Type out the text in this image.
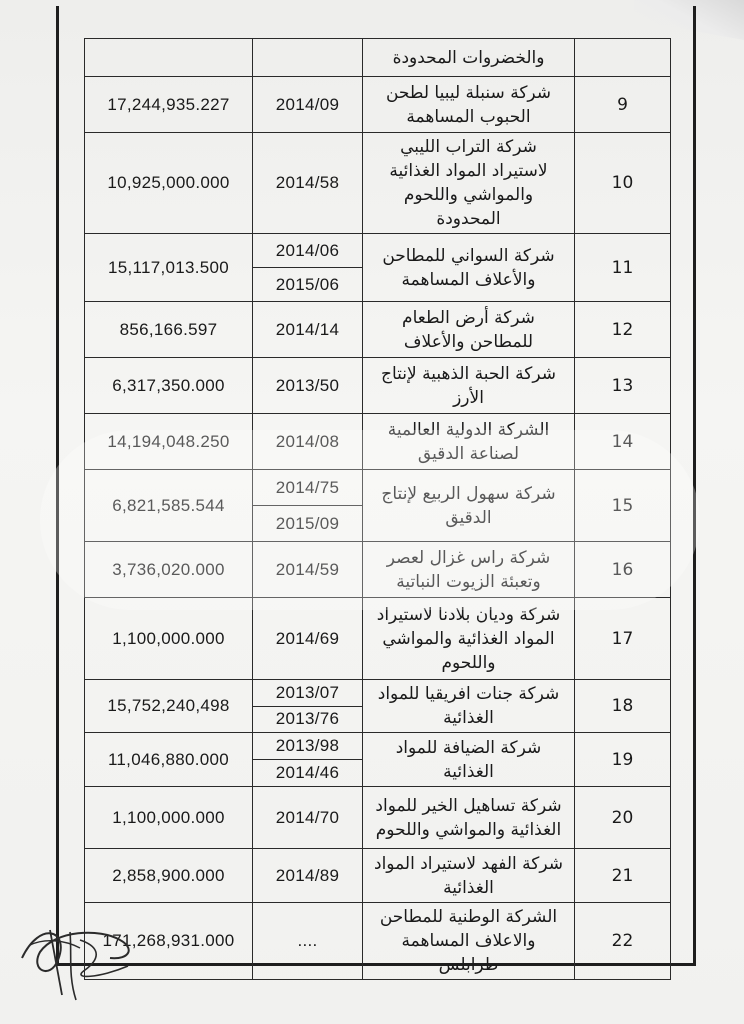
	والخضروات المحدودة		
9	شركة سنبلة ليبيا لطحن الحبوب المساهمة	2014/09	17,244,935.227
10	شركة التراب الليبي لاستيراد المواد الغذائية والمواشي واللحوم المحدودة	2014/58	10,925,000.000
11	شركة السواني للمطاحن والأعلاف المساهمة	2014/06	15,117,013.500
		2015/06	
12	شركة أرض الطعام للمطاحن والأعلاف	2014/14	856,166.597
13	شركة الحبة الذهبية لإنتاج الأرز	2013/50	6,317,350.000
14	الشركة الدولية العالمية لصناعة الدقيق	2014/08	14,194,048.250
15	شركة سهول الربيع لإنتاج الدقيق	2014/75	6,821,585.544
		2015/09	
16	شركة راس غزال لعصر وتعبئة الزيوت النباتية	2014/59	3,736,020.000
17	شركة وديان بلادنا لاستيراد المواد الغذائية والمواشي واللحوم	2014/69	1,100,000.000
18	شركة جنات افريقيا للمواد الغذائية	2013/07	15,752,240,498
		2013/76	
19	شركة الضيافة للمواد الغذائية	2013/98	11,046,880.000
		2014/46	
20	شركة تساهيل الخير للمواد الغذائية والمواشي واللحوم	2014/70	1,100,000.000
21	شركة الفهد لاستيراد المواد الغذائية	2014/89	2,858,900.000
22	الشركة الوطنية للمطاحن والاعلاف المساهمة طرابلس	....	171,268,931.000
